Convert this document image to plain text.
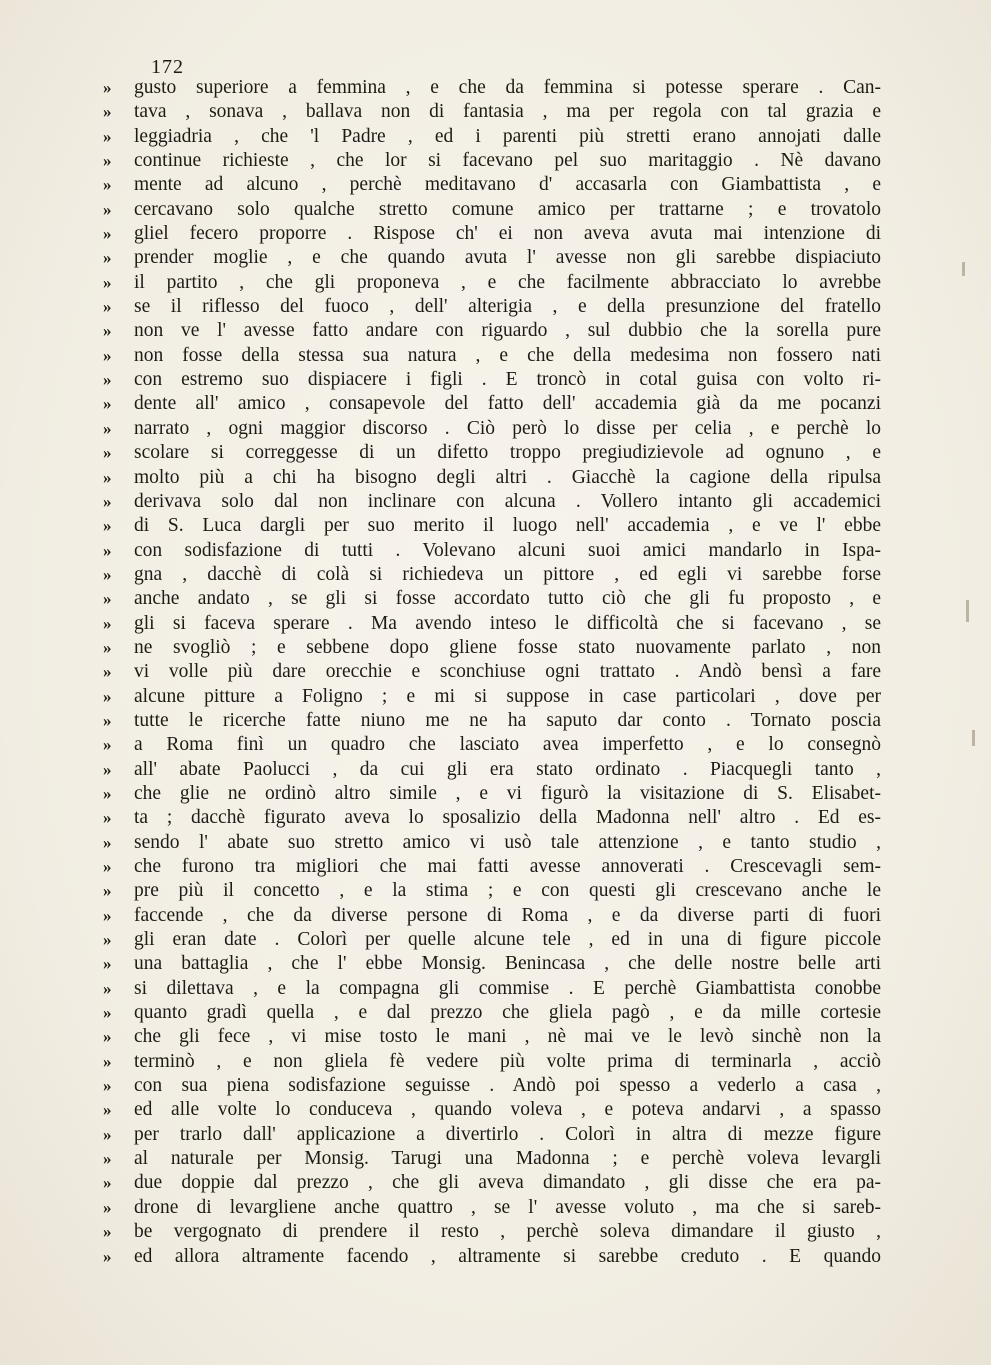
172
»	gusto superiore a femmina , e che da femmina si potesse sperare . Can-
»	tava , sonava , ballava non di fantasia , ma per regola con tal grazia e
»	leggiadria , che 'l Padre , ed i parenti più stretti erano annojati dalle
»	continue richieste , che lor si facevano pel suo maritaggio . Nè davano
»	mente ad alcuno , perchè meditavano d' accasarla con Giambattista , e
»	cercavano solo qualche stretto comune amico per trattarne ; e trovatolo
»	gliel fecero proporre . Rispose ch' ei non aveva avuta mai intenzione di
»	prender moglie , e che quando avuta l' avesse non gli sarebbe dispiaciuto
»	il partito , che gli proponeva , e che facilmente abbracciato lo avrebbe
»	se il riflesso del fuoco , dell' alterigia , e della presunzione del fratello
»	non ve l' avesse fatto andare con riguardo , sul dubbio che la sorella pure
»	non fosse della stessa sua natura , e che della medesima non fossero nati
»	con estremo suo dispiacere i figli . E troncò in cotal guisa con volto ri-
»	dente all' amico , consapevole del fatto dell' accademia già da me pocanzi
»	narrato , ogni maggior discorso . Ciò però lo disse per celia , e perchè lo
»	scolare si correggesse di un difetto troppo pregiudizievole ad ognuno , e
»	molto più a chi ha bisogno degli altri . Giacchè la cagione della ripulsa
»	derivava solo dal non inclinare con alcuna . Vollero intanto gli accademici
»	di S. Luca dargli per suo merito il luogo nell' accademia , e ve l' ebbe
»	con sodisfazione di tutti . Volevano alcuni suoi amici mandarlo in Ispa-
»	gna , dacchè di colà si richiedeva un pittore , ed egli vi sarebbe forse
»	anche andato , se gli si fosse accordato tutto ciò che gli fu proposto , e
»	gli si faceva sperare . Ma avendo inteso le difficoltà che si facevano , se
»	ne svogliò ; e sebbene dopo gliene fosse stato nuovamente parlato , non
»	vi volle più dare orecchie e sconchiuse ogni trattato . Andò bensì a fare
»	alcune pitture a Foligno ; e mi si suppose in case particolari , dove per
»	tutte le ricerche fatte niuno me ne ha saputo dar conto . Tornato poscia
»	a Roma finì un quadro che lasciato avea imperfetto , e lo consegnò
»	all' abate Paolucci , da cui gli era stato ordinato . Piacquegli tanto ,
»	che glie ne ordinò altro simile , e vi figurò la visitazione di S. Elisabet-
»	ta ; dacchè figurato aveva lo sposalizio della Madonna nell' altro . Ed es-
»	sendo l' abate suo stretto amico vi usò tale attenzione , e tanto studio ,
»	che furono tra migliori che mai fatti avesse annoverati . Crescevagli sem-
»	pre più il concetto , e la stima ; e con questi gli crescevano anche le
»	faccende , che da diverse persone di Roma , e da diverse parti di fuori
»	gli eran date . Colorì per quelle alcune tele , ed in una di figure piccole
»	una battaglia , che l' ebbe Monsig. Benincasa , che delle nostre belle arti
»	si dilettava , e la compagna gli commise . E perchè Giambattista conobbe
»	quanto gradì quella , e dal prezzo che gliela pagò , e da mille cortesie
»	che gli fece , vi mise tosto le mani , nè mai ve le levò sinchè non la
»	terminò , e non gliela fè vedere più volte prima di terminarla , acciò
»	con sua piena sodisfazione seguisse . Andò poi spesso a vederlo a casa ,
»	ed alle volte lo conduceva , quando voleva , e poteva andarvi , a spasso
»	per trarlo dall' applicazione a divertirlo . Colorì in altra di mezze figure
»	al naturale per Monsig. Tarugi una Madonna ; e perchè voleva levargli
»	due doppie dal prezzo , che gli aveva dimandato , gli disse che era pa-
»	drone di levargliene anche quattro , se l' avesse voluto , ma che si sareb-
»	be vergognato di prendere il resto , perchè soleva dimandare il giusto ,
»	ed allora altramente facendo , altramente si sarebbe creduto . E quando
